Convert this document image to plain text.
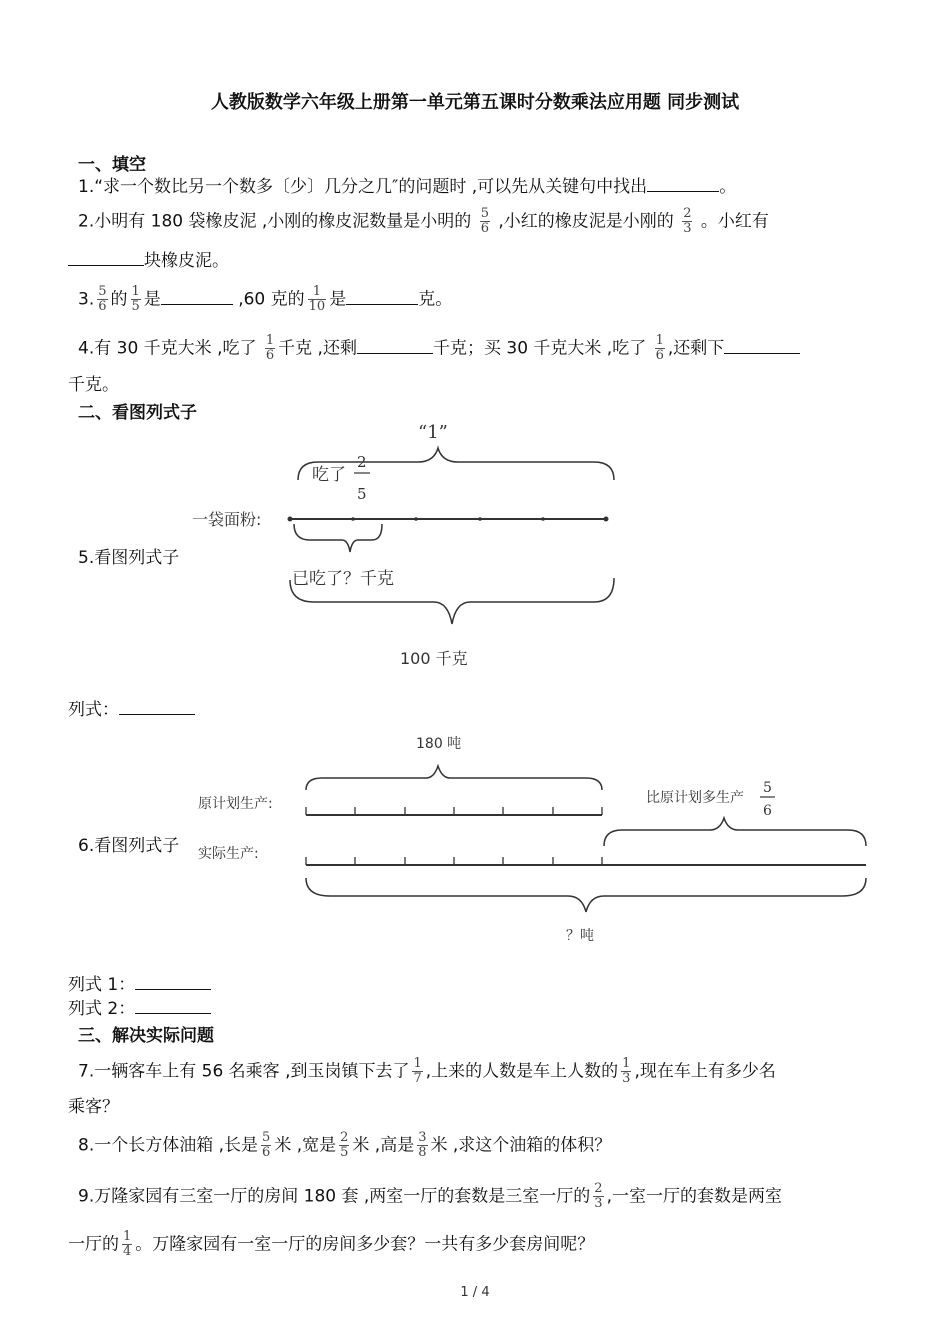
人教版数学六年级上册第一单元第五课时分数乘法应用题 同步测试
一、填空
1.“求一个数比另一个数多〔少〕几分之几″的问题时 ,可以先从关键句中找出	。
2.小明有 180 袋橡皮泥 ,小刚的橡皮泥数量是小明的 $\frac{5}{6}$ ,小红的橡皮泥是小刚的 $\frac{2}{3}$ 。小红有
块橡皮泥。
3. $\frac{5}{6}$ 的 $\frac{1}{5}$ 是	,60 克的 $\frac{1}{10}$ 是	克。
4.有 30 千克大米 ,吃了 $\frac{1}{6}$ 千克 ,还剩	千克；买 30 千克大米 ,吃了 $\frac{1}{6}$ ,还剩下
千克。
二、看图列式子
5.看图列式子
“1”
吃了
2
5
一袋面粉:
已吃了？千克
100 千克
列式：
180 吨
原计划生产:	比原计划多生产
5
6
实际生产:
？吨
6.看图列式子
列式 1：
列式 2：
三、解决实际问题
7.一辆客车上有 56 名乘客 ,到玉岗镇下去了 $\frac{1}{7}$ ,上来的人数是车上人数的 $\frac{1}{3}$ ,现在车上有多少名
乘客？
8.一个长方体油箱 ,长是 $\frac{5}{6}$ 米 ,宽是 $\frac{2}{5}$ 米 ,高是 $\frac{3}{8}$ 米 ,求这个油箱的体积？
9.万隆家园有三室一厅的房间 180 套 ,两室一厅的套数是三室一厅的 $\frac{2}{3}$ ,一室一厅的套数是两室
一厅的 $\frac{1}{4}$ 。万隆家园有一室一厅的房间多少套？一共有多少套房间呢？
1 / 4
